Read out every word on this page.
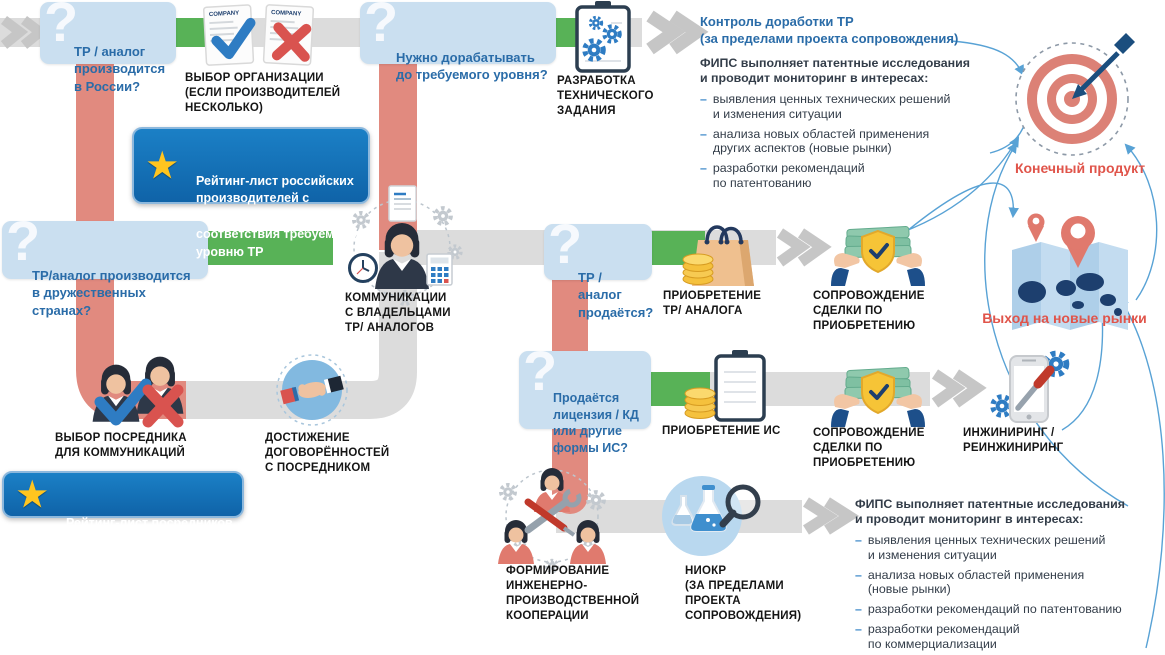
COMPANY	COMPANY

?

ТР / аналог
производится
в России?

?

Нужно дорабатывать
до требуемого уровня?

?

ТР/аналог производится
в дружественных странах?

?

ТР / аналог
продаётся?

?

Продаётся
лицензия / КД
или другие
формы ИС?

★ Рейтинг-лист российских
производителей с оценкой
соответствия требуемому
уровню ТР

★

Рейтинг-лист посредников
с профайлами

ВЫБОР ОРГАНИЗАЦИИ
(ЕСЛИ ПРОИЗВОДИТЕЛЕЙ
НЕСКОЛЬКО)
РАЗРАБОТКА
ТЕХНИЧЕСКОГО
ЗАДАНИЯ
КОММУНИКАЦИИ
С ВЛАДЕЛЬЦАМИ
ТР/ АНАЛОГОВ
ПРИОБРЕТЕНИЕ
ТР/ АНАЛОГА
СОПРОВОЖДЕНИЕ
СДЕЛКИ ПО
ПРИОБРЕТЕНИЮ
ПРИОБРЕТЕНИЕ ИС	СОПРОВОЖДЕНИЕ
СДЕЛКИ ПО
ПРИОБРЕТЕНИЮ
ИНЖИНИРИНГ /
РЕИНЖИНИРИНГ
ВЫБОР ПОСРЕДНИКА
ДЛЯ КОММУНИКАЦИЙ
ДОСТИЖЕНИЕ
ДОГОВОРЁННОСТЕЙ
С ПОСРЕДНИКОМ
ФОРМИРОВАНИЕ
ИНЖЕНЕРНО-
ПРОИЗВОДСТВЕННОЙ
КООПЕРАЦИИ
НИОКР
(ЗА ПРЕДЕЛАМИ
ПРОЕКТА
СОПРОВОЖДЕНИЯ)
Конечный продукт
Выход на новые рынки
Контроль доработки ТР
(за пределами проекта сопровождения)
ФИПС выполняет патентные исследования
и проводит мониторинг в интересах:
– выявления ценных технических решений
и изменения ситуации
– анализа новых областей применения
других аспектов (новые рынки)
– разработки рекомендаций
по патентованию
ФИПС выполняет патентные исследования
и проводит мониторинг в интересах:
– выявления ценных технических решений
и изменения ситуации
– анализа новых областей применения
(новые рынки)
– разработки рекомендаций по патентованию
– разработки рекомендаций
по коммерциализации
